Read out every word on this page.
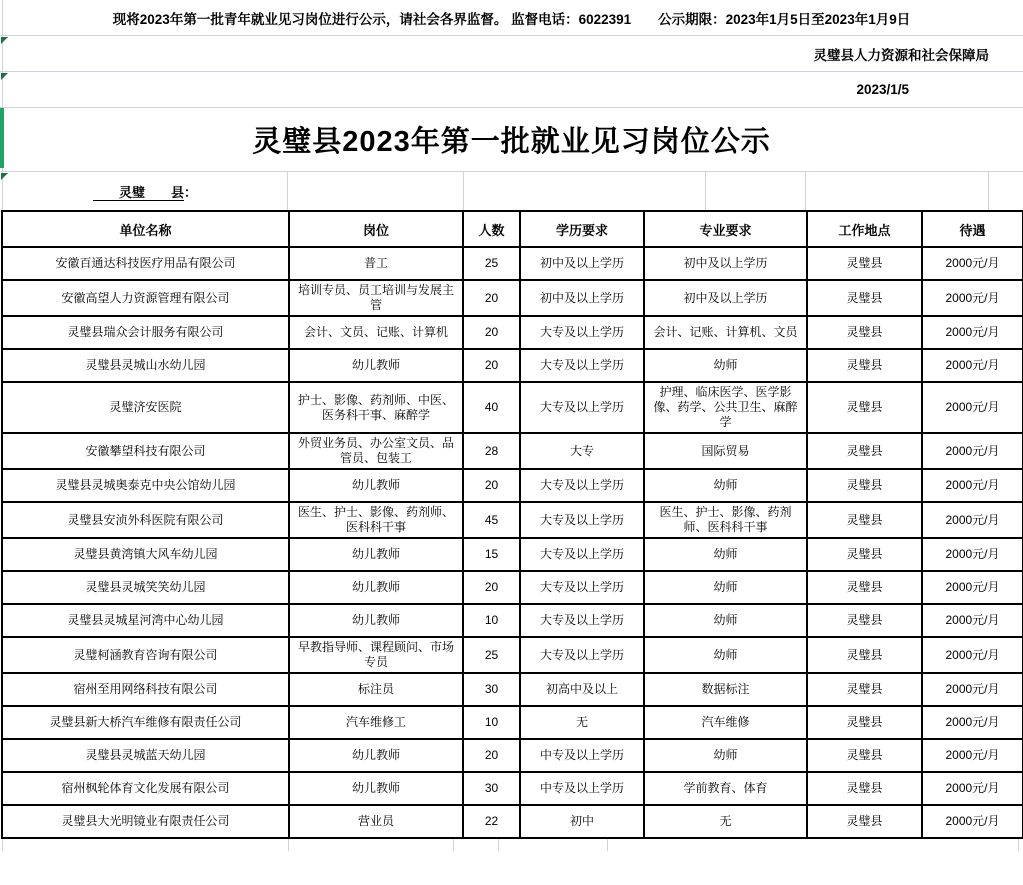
现将2023年第一批青年就业见习岗位进行公示，请社会各界监督。 监督电话：6022391　　公示期限：2023年1月5日至2023年1月9日
灵璧县人力资源和社会保障局
2023/1/5
灵璧县2023年第一批就业见习岗位公示
　　灵璧　　县 ：
单位名称	岗位	人数	学历要求	专业要求	工作地点	待遇
安徽百通达科技医疗用品有限公司	普工	25	初中及以上学历	初中及以上学历	灵璧县	2000元/月
安徽高望人力资源管理有限公司	培训专员、员工培训与发展主管	20	初中及以上学历	初中及以上学历	灵璧县	2000元/月
灵璧县瑞众会计服务有限公司	会计、文员、记账、计算机	20	大专及以上学历	会计、记账、计算机、文员	灵璧县	2000元/月
灵璧县灵城山水幼儿园	幼儿教师	20	大专及以上学历	幼师	灵璧县	2000元/月
灵璧济安医院	护士、影像、药剂师、中医、医务科干事、麻醉学	40	大专及以上学历	护理、临床医学、医学影像、药学、公共卫生、麻醉学	灵璧县	2000元/月
安徽攀望科技有限公司	外贸业务员、办公室文员、品管员、包装工	28	大专	国际贸易	灵璧县	2000元/月
灵璧县灵城奥泰克中央公馆幼儿园	幼儿教师	20	大专及以上学历	幼师	灵璧县	2000元/月
灵璧县安浈外科医院有限公司	医生、护士、影像、药剂师、医科科干事	45	大专及以上学历	医生、护士、影像、药剂师、医科科干事	灵璧县	2000元/月
灵璧县黄湾镇大风车幼儿园	幼儿教师	15	大专及以上学历	幼师	灵璧县	2000元/月
灵璧县灵城笑笑幼儿园	幼儿教师	20	大专及以上学历	幼师	灵璧县	2000元/月
灵璧县灵城星河湾中心幼儿园	幼儿教师	10	大专及以上学历	幼师	灵璧县	2000元/月
灵璧柯涵教育咨询有限公司	早教指导师、课程顾问、市场专员	25	大专及以上学历	幼师	灵璧县	2000元/月
宿州至用网络科技有限公司	标注员	30	初高中及以上	数据标注	灵璧县	2000元/月
灵璧县新大桥汽车维修有限责任公司	汽车维修工	10	无	汽车维修	灵璧县	2000元/月
灵璧县灵城蓝天幼儿园	幼儿教师	20	中专及以上学历	幼师	灵璧县	2000元/月
宿州枫轮体育文化发展有限公司	幼儿教师	30	中专及以上学历	学前教育、体育	灵璧县	2000元/月
灵璧县大光明镜业有限责任公司	营业员	22	初中	无	灵璧县	2000元/月
